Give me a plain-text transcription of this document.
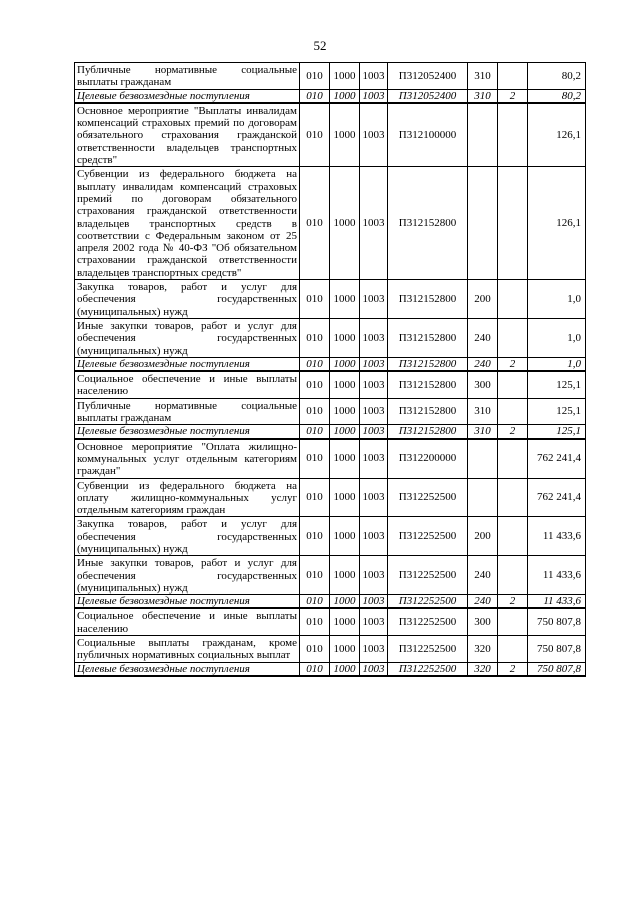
52
Публичные нормативные социальные выплаты гражданам	010	1000	1003	П312052400	310		80,2
Целевые безвозмездные поступления	010	1000	1003	П312052400	310	2	80,2
Основное мероприятие "Выплаты инвалидам компенсаций страховых премий по договорам обязательного страхования гражданской ответственности владельцев транспортных средств"	010	1000	1003	П312100000			126,1
Субвенции из федерального бюджета на выплату инвалидам компенсаций страховых премий по договорам обязательного страхования гражданской ответственности владельцев транспортных средств в соответствии с Федеральным законом от 25 апреля 2002 года № 40-ФЗ "Об обязательном страховании гражданской ответственности владельцев транспортных средств"	010	1000	1003	П312152800			126,1
Закупка товаров, работ и услуг для обеспечения государственных (муниципальных) нужд	010	1000	1003	П312152800	200		1,0
Иные закупки товаров, работ и услуг для обеспечения государственных (муниципальных) нужд	010	1000	1003	П312152800	240		1,0
Целевые безвозмездные поступления	010	1000	1003	П312152800	240	2	1,0
Социальное обеспечение и иные выплаты населению	010	1000	1003	П312152800	300		125,1
Публичные нормативные социальные выплаты гражданам	010	1000	1003	П312152800	310		125,1
Целевые безвозмездные поступления	010	1000	1003	П312152800	310	2	125,1
Основное мероприятие "Оплата жилищно-коммунальных услуг отдельным категориям граждан"	010	1000	1003	П312200000			762 241,4
Субвенции из федерального бюджета на оплату жилищно-коммунальных услуг отдельным категориям граждан	010	1000	1003	П312252500			762 241,4
Закупка товаров, работ и услуг для обеспечения государственных (муниципальных) нужд	010	1000	1003	П312252500	200		11 433,6
Иные закупки товаров, работ и услуг для обеспечения государственных (муниципальных) нужд	010	1000	1003	П312252500	240		11 433,6
Целевые безвозмездные поступления	010	1000	1003	П312252500	240	2	11 433,6
Социальное обеспечение и иные выплаты населению	010	1000	1003	П312252500	300		750 807,8
Социальные выплаты гражданам, кроме публичных нормативных социальных выплат	010	1000	1003	П312252500	320		750 807,8
Целевые безвозмездные поступления	010	1000	1003	П312252500	320	2	750 807,8
